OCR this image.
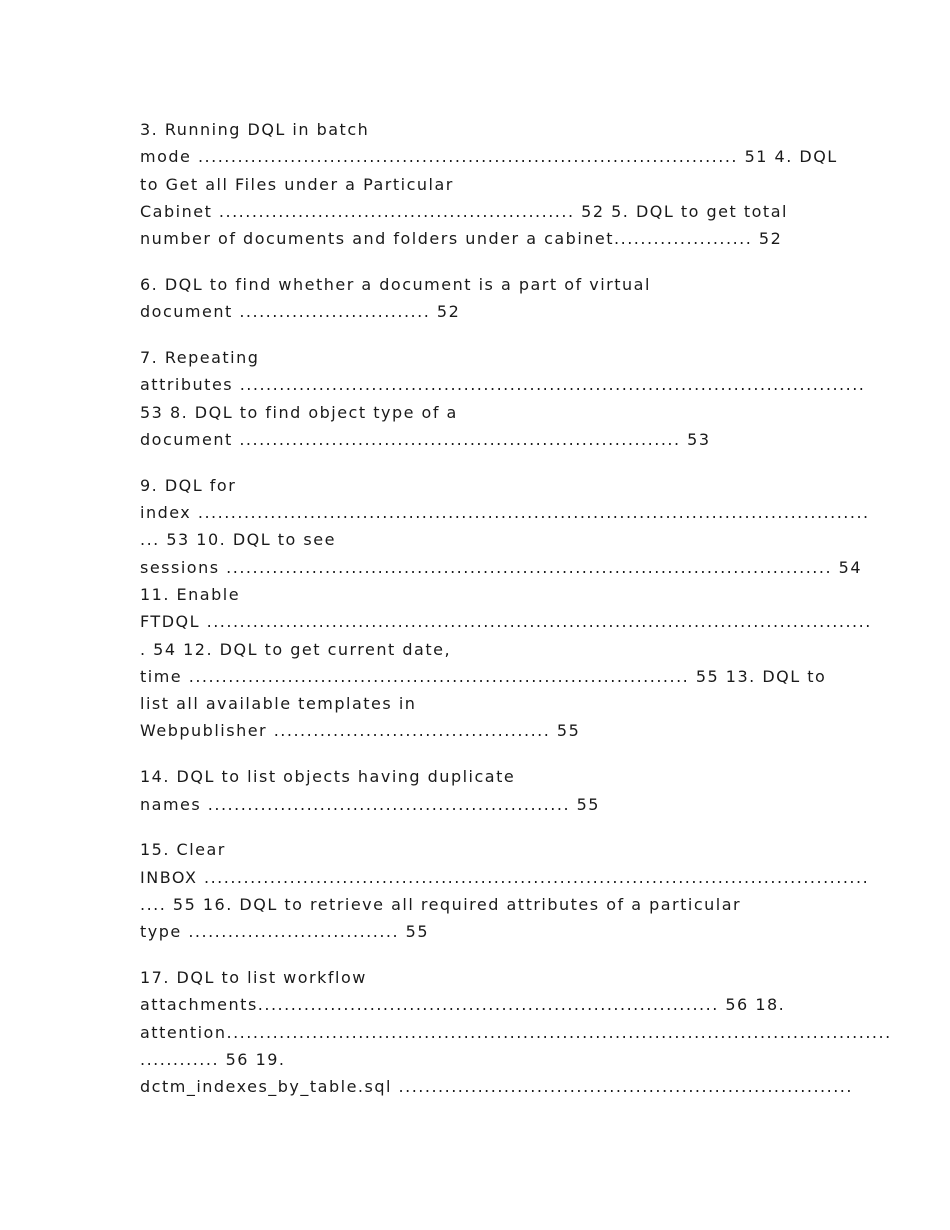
3. Running DQL in batch
mode .................................................................................. 51 4. DQL
to Get all Files under a Particular
Cabinet ...................................................... 52 5. DQL to get total
number of documents and folders under a cabinet..................... 52
6. DQL to find whether a document is a part of virtual
document ............................. 52
7. Repeating
attributes ...............................................................................................
53 8. DQL to find object type of a
document ................................................................... 53
9. DQL for
index ......................................................................................................
... 53 10. DQL to see
sessions ............................................................................................ 54
11. Enable
FTDQL .....................................................................................................
. 54 12. DQL to get current date,
time ............................................................................ 55 13. DQL to
list all available templates in
Webpublisher .......................................... 55
14. DQL to list objects having duplicate
names ....................................................... 55
15. Clear
INBOX .....................................................................................................
.... 55 16. DQL to retrieve all required attributes of a particular
type ................................ 55
17. DQL to list workflow
attachments...................................................................... 56 18.
attention.....................................................................................................
............ 56 19.
dctm_indexes_by_table.sql .....................................................................
